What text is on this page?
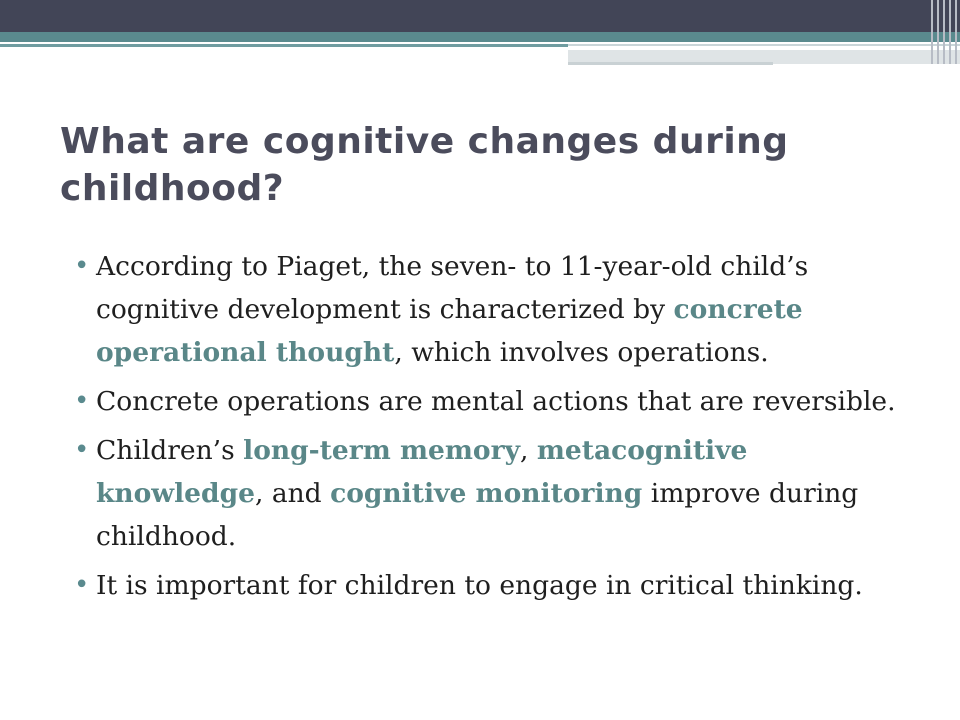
What are cognitive changes during childhood?
• According to Piaget, the seven- to 11-year-old child’s cognitive development is characterized by concrete operational thought, which involves operations.
• Concrete operations are mental actions that are reversible.
• Children’s long-term memory, metacognitive knowledge, and cognitive monitoring improve during childhood.
• It is important for children to engage in critical thinking.
